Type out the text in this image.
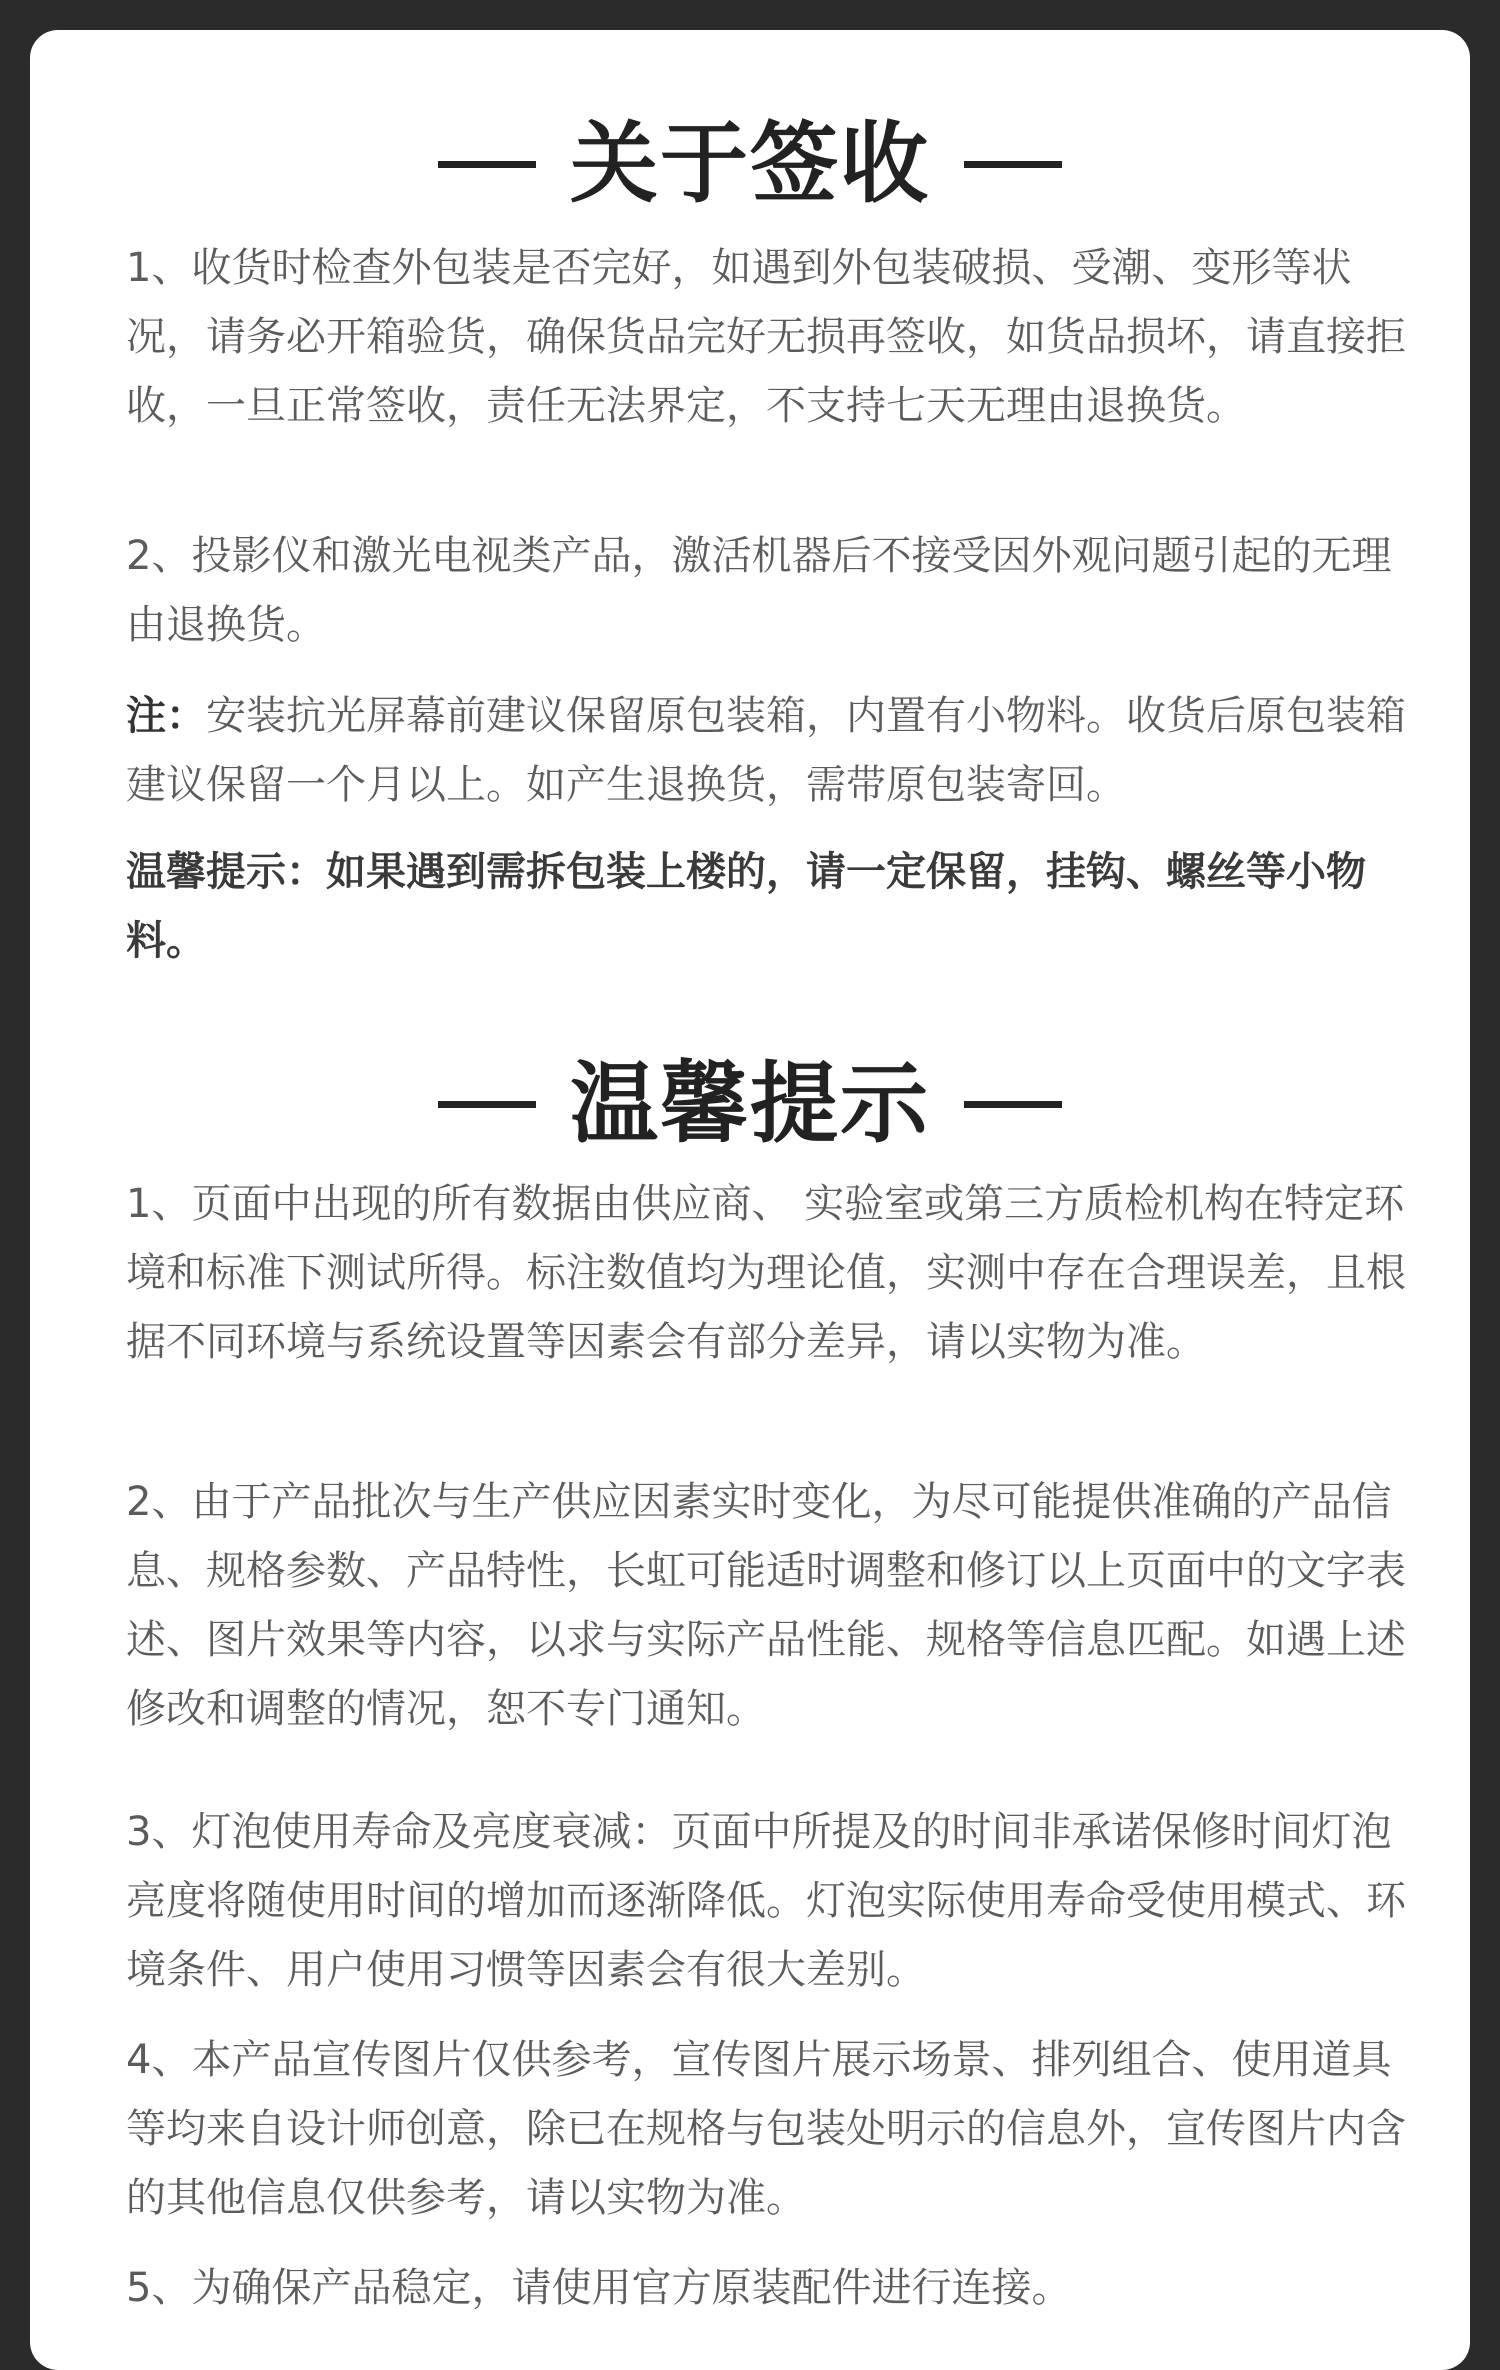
关于签收

1、收货时检查外包装是否完好，如遇到外包装破损、受潮、变形等状况，请务必开箱验货，确保货品完好无损再签收，如货品损坏，请直接拒收，一旦正常签收，责任无法界定，不支持七天无理由退换货。

2、投影仪和激光电视类产品，激活机器后不接受因外观问题引起的无理由退换货。

注：安装抗光屏幕前建议保留原包装箱，内置有小物料。收货后原包装箱建议保留一个月以上。如产生退换货，需带原包装寄回。

温馨提示：如果遇到需拆包装上楼的，请一定保留，挂钩、螺丝等小物料。

温馨提示

1、页面中出现的所有数据由供应商、 实验室或第三方质检机构在特定环境和标准下测试所得。标注数值均为理论值，实测中存在合理误差，且根据不同环境与系统设置等因素会有部分差异，请以实物为准。

2、由于产品批次与生产供应因素实时变化，为尽可能提供准确的产品信息、规格参数、产品特性，长虹可能适时调整和修订以上页面中的文字表述、图片效果等内容，以求与实际产品性能、规格等信息匹配。如遇上述修改和调整的情况，恕不专门通知。

3、灯泡使用寿命及亮度衰减：页面中所提及的时间非承诺保修时间灯泡亮度将随使用时间的增加而逐渐降低。灯泡实际使用寿命受使用模式、环境条件、用户使用习惯等因素会有很大差别。

4、本产品宣传图片仅供参考，宣传图片展示场景、排列组合、使用道具等均来自设计师创意，除已在规格与包装处明示的信息外，宣传图片内含的其他信息仅供参考，请以实物为准。

5、为确保产品稳定，请使用官方原装配件进行连接。
